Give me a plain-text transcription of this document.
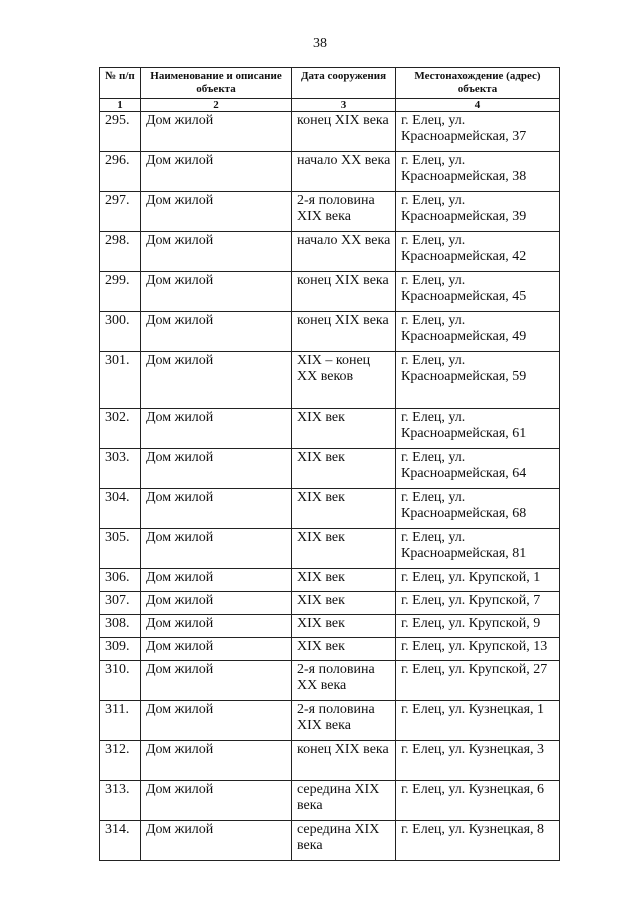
38
№ п/п	Наименование и описание объекта	Дата сооружения	Местонахождение (адрес) объекта
1	2	3	4
295.	Дом жилой	конец XIX века	г. Елец, ул. Красноармейская, 37
296.	Дом жилой	начало XX века	г. Елец, ул. Красноармейская, 38
297.	Дом жилой	2-я половина XIX века	г. Елец, ул. Красноармейская, 39
298.	Дом жилой	начало XX века	г. Елец, ул. Красноармейская, 42
299.	Дом жилой	конец XIX века	г. Елец, ул. Красноармейская, 45
300.	Дом жилой	конец XIX века	г. Елец, ул. Красноармейская, 49
301.	Дом жилой	XIX – конец XX веков	г. Елец, ул. Красноармейская, 59
302.	Дом жилой	XIX век	г. Елец, ул. Красноармейская, 61
303.	Дом жилой	XIX век	г. Елец, ул. Красноармейская, 64
304.	Дом жилой	XIX век	г. Елец, ул. Красноармейская, 68
305.	Дом жилой	XIX век	г. Елец, ул. Красноармейская, 81
306.	Дом жилой	XIX век	г. Елец, ул. Крупской, 1
307.	Дом жилой	XIX век	г. Елец, ул. Крупской, 7
308.	Дом жилой	XIX век	г. Елец, ул. Крупской, 9
309.	Дом жилой	XIX век	г. Елец, ул. Крупской, 13
310.	Дом жилой	2-я половина XX века	г. Елец, ул. Крупской, 27
311.	Дом жилой	2-я половина XIX века	г. Елец, ул. Кузнецкая, 1
312.	Дом жилой	конец XIX века	г. Елец, ул. Кузнецкая, 3
313.	Дом жилой	середина XIX века	г. Елец, ул. Кузнецкая, 6
314.	Дом жилой	середина XIX века	г. Елец, ул. Кузнецкая, 8
